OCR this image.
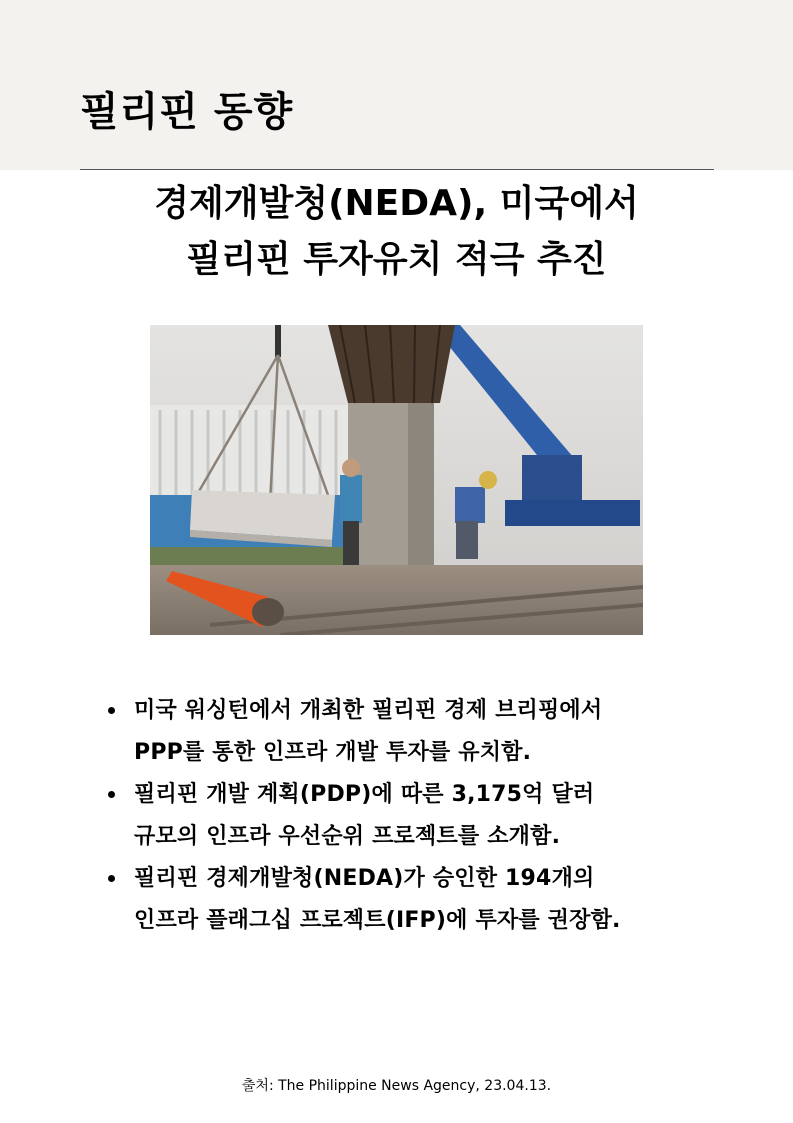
필리핀 동향
경제개발청(NEDA), 미국에서
필리핀 투자유치 적극 추진
미국 워싱턴에서 개최한 필리핀 경제 브리핑에서
PPP를 통한 인프라 개발 투자를 유치함.
필리핀 개발 계획(PDP)에 따른 3,175억 달러
규모의 인프라 우선순위 프로젝트를 소개함.
필리핀 경제개발청(NEDA)가 승인한 194개의
인프라 플래그십 프로젝트(IFP)에 투자를 권장함.

출처: The Philippine News Agency, 23.04.13.
